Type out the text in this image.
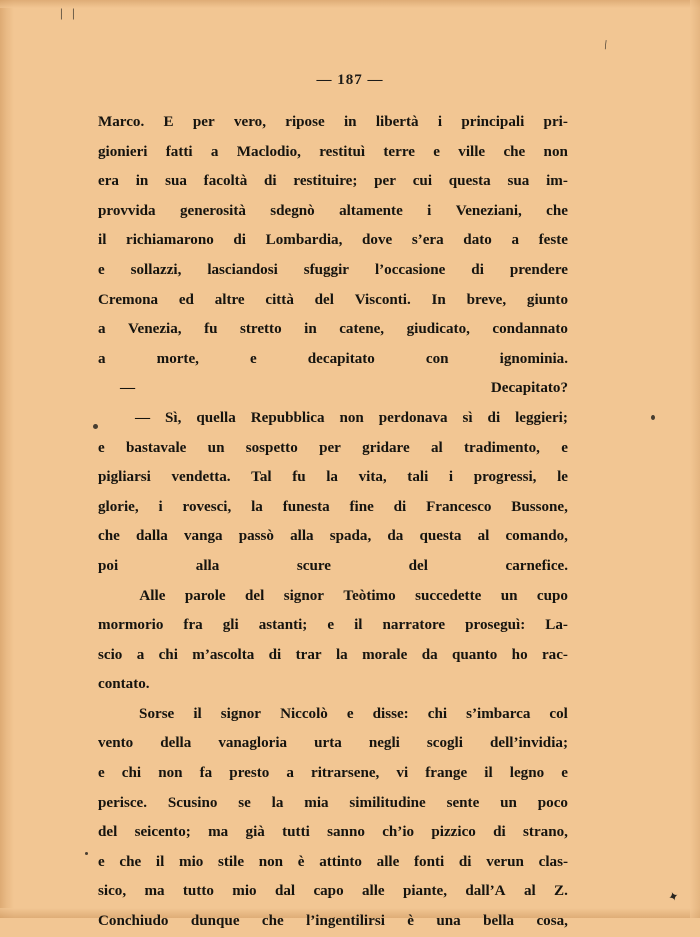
— 187 —

Marco. E per vero, ripose in libertà i principali pri-
gionieri fatti a Maclodio, restituì terre e ville che non
era in sua facoltà di restituire; per cui questa sua im-
provvida generosità sdegnò altamente i Veneziani, che
il richiamarono di Lombardia, dove s’era dato a feste
e sollazzi, lasciandosi sfuggir l’occasione di prendere
Cremona ed altre città del Visconti. In breve, giunto
a Venezia, fu stretto in catene, giudicato, condannato
a morte, e decapitato con ignominia.

— Decapitato?

— Sì, quella Repubblica non perdonava sì di leggieri;
e bastavale un sospetto per gridare al tradimento, e
pigliarsi vendetta. Tal fu la vita, tali i progressi, le
glorie, i rovesci, la funesta fine di Francesco Bussone,
che dalla vanga passò alla spada, da questa al comando,
poi alla scure del carnefice.

Alle parole del signor Teòtimo succedette un cupo
mormorio fra gli astanti; e il narratore proseguì: La-
scio a chi m’ascolta di trar la morale da quanto ho rac-
contato.

Sorse il signor Niccolò e disse: chi s’imbarca col
vento della vanagloria urta negli scogli dell’invidia;
e chi non fa presto a ritrarsene, vi frange il legno e
perisce. Scusino se la mia similitudine sente un poco
del seicento; ma già tutti sanno ch’io pizzico di strano,
e che il mio stile non è attinto alle fonti di verun clas-
sico, ma tutto mio dal capo alle piante, dall’A al Z.
Conchiudo dunque che l’ingentilirsi è una bella cosa,

\
✦
| |
